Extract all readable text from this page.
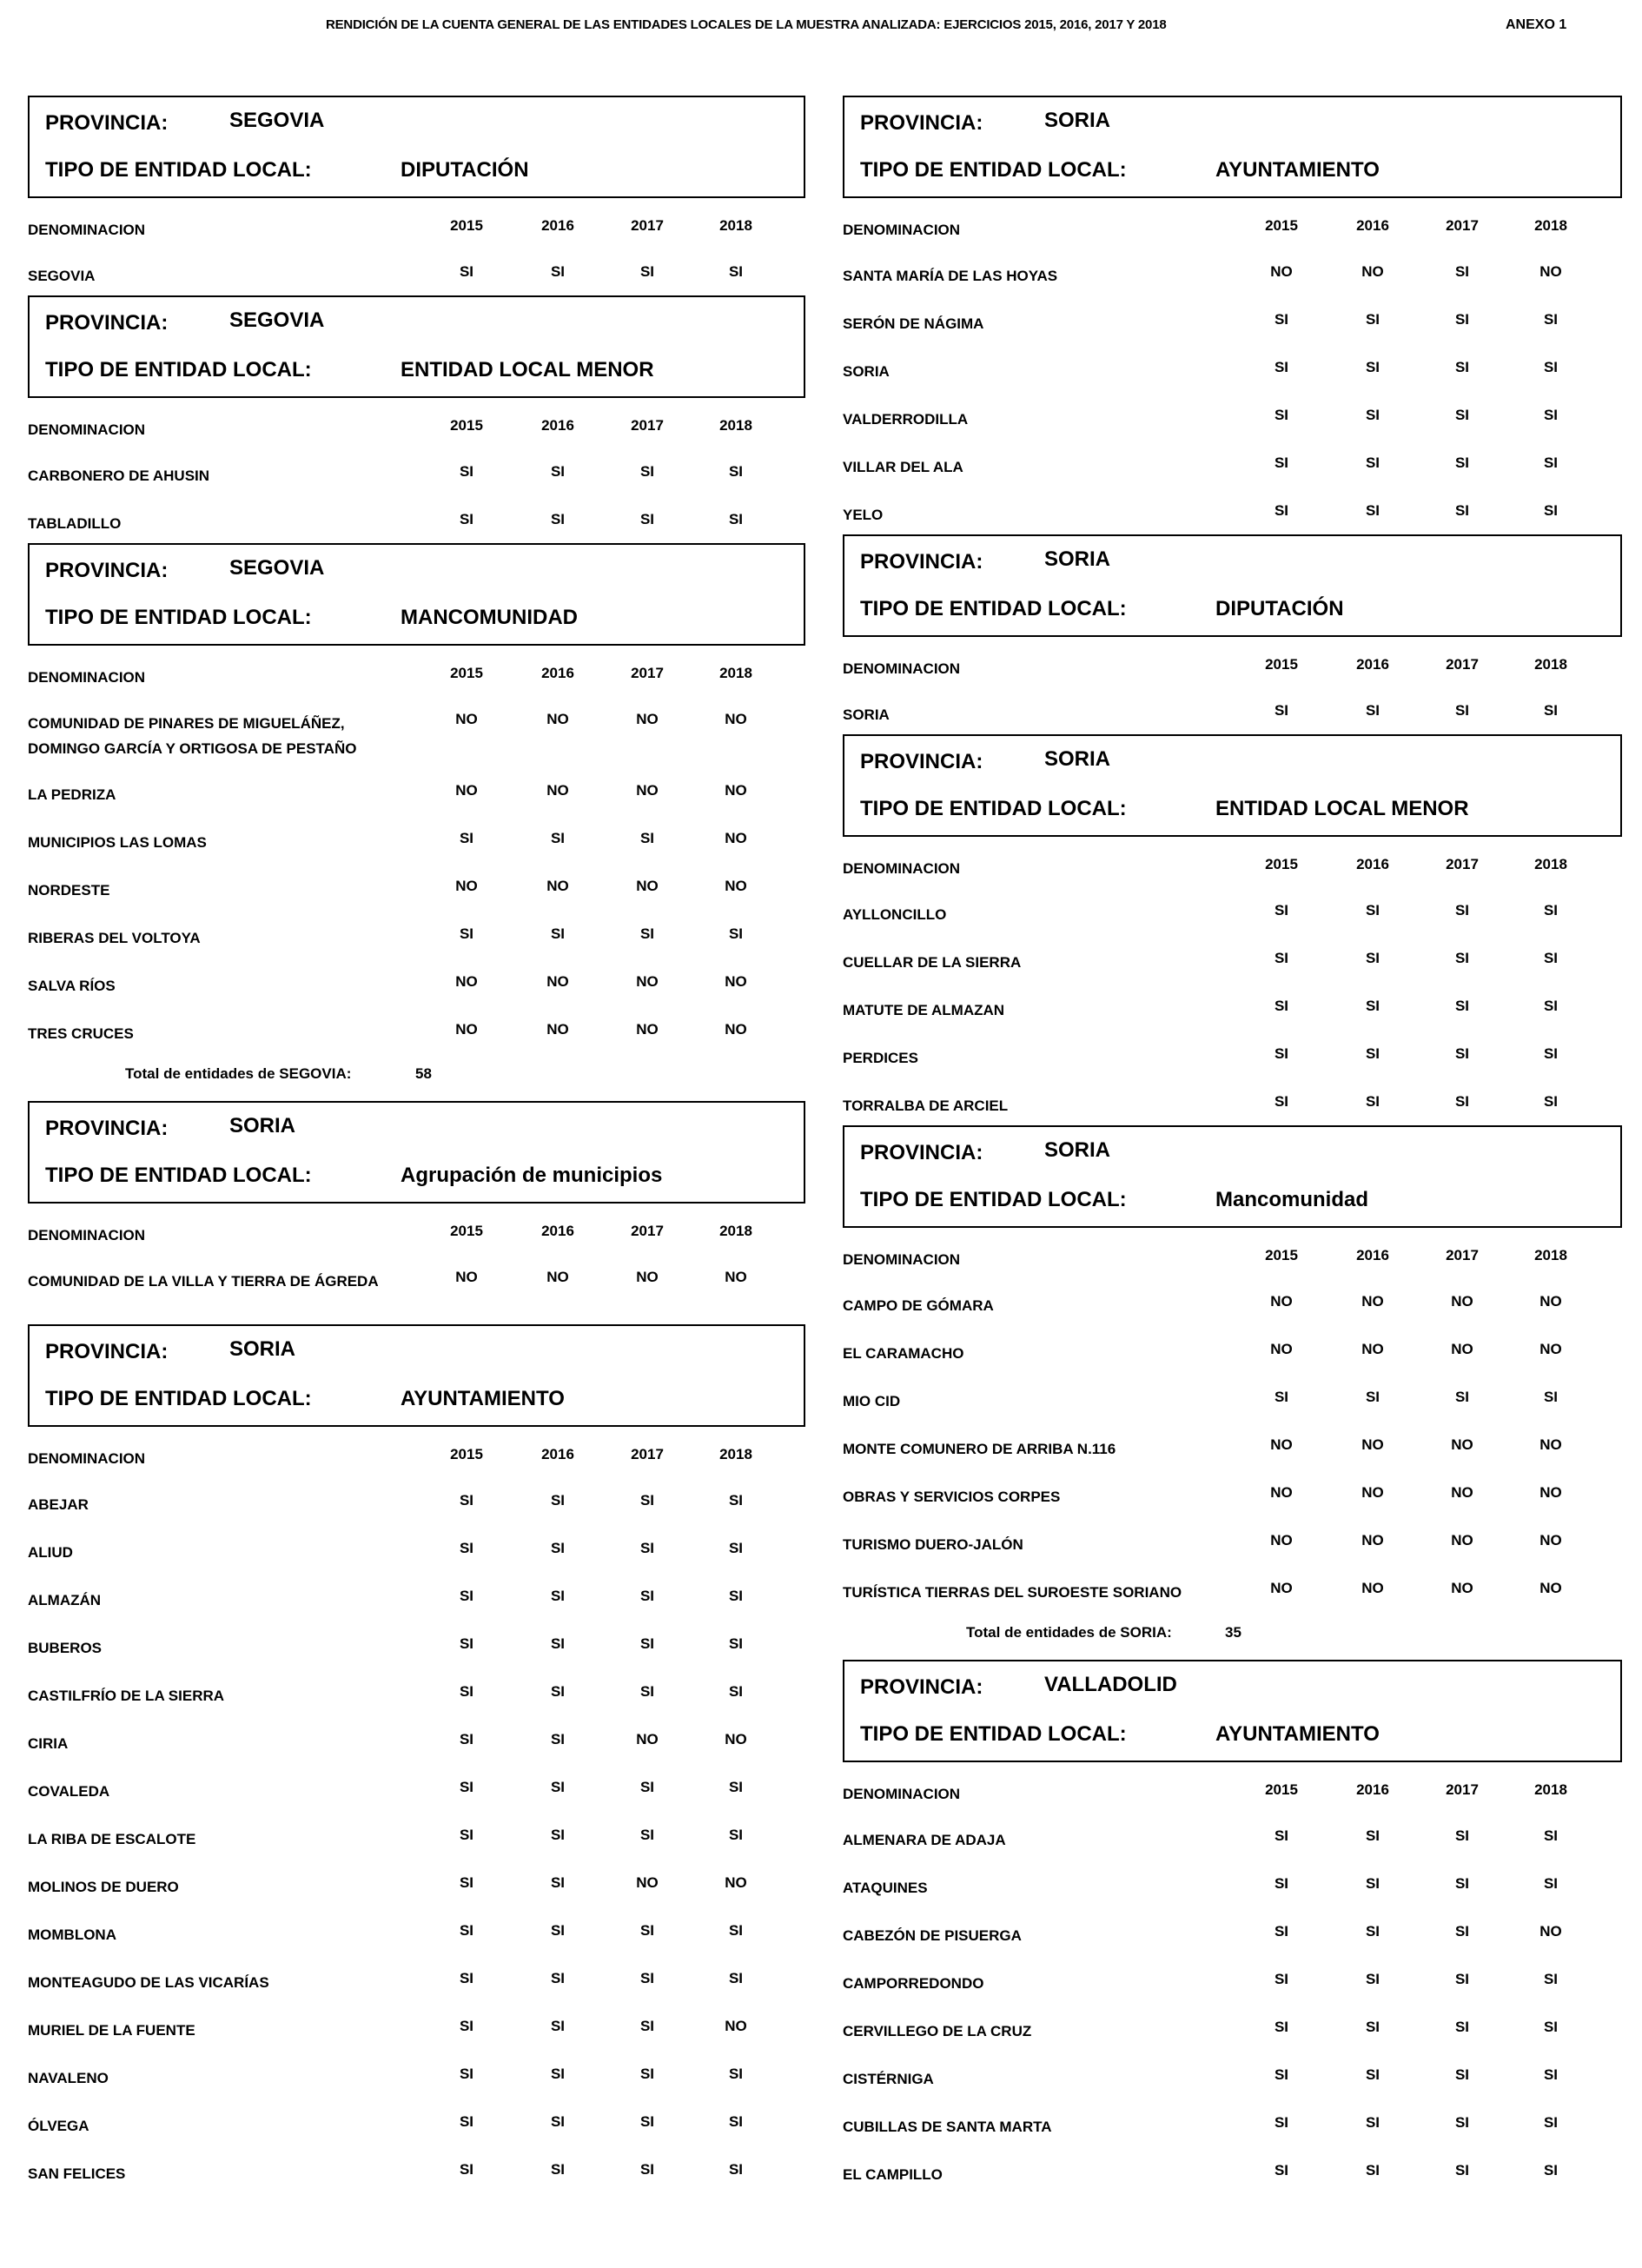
RENDICIÓN DE LA CUENTA GENERAL DE LAS ENTIDADES LOCALES DE LA MUESTRA ANALIZADA: EJERCICIOS 2015, 2016, 2017 Y 2018	ANEXO 1
PROVINCIA:	SEGOVIA
TIPO DE ENTIDAD LOCAL:	DIPUTACIÓN
DENOMINACION	2015	2016	2017	2018
SEGOVIA	SI	SI	SI	SI
PROVINCIA:	SEGOVIA
TIPO DE ENTIDAD LOCAL:	ENTIDAD LOCAL MENOR
DENOMINACION	2015	2016	2017	2018
CARBONERO DE AHUSIN	SI	SI	SI	SI
TABLADILLO	SI	SI	SI	SI
PROVINCIA:	SEGOVIA
TIPO DE ENTIDAD LOCAL:	MANCOMUNIDAD
DENOMINACION	2015	2016	2017	2018
COMUNIDAD DE PINARES DE MIGUELÁÑEZ, DOMINGO GARCÍA Y ORTIGOSA DE PESTAÑO
NO	NO	NO	NO
LA PEDRIZA	NO	NO	NO	NO
MUNICIPIOS LAS LOMAS	SI	SI	SI	NO
NORDESTE	NO	NO	NO	NO
RIBERAS DEL VOLTOYA	SI	SI	SI	SI
SALVA RÍOS	NO	NO	NO	NO
TRES CRUCES	NO	NO	NO	NO
Total de entidades de SEGOVIA:	58
PROVINCIA:	SORIA
TIPO DE ENTIDAD LOCAL:	Agrupación de municipios
DENOMINACION	2015	2016	2017	2018
COMUNIDAD DE LA VILLA Y TIERRA DE ÁGREDA	NO	NO	NO	NO
PROVINCIA:	SORIA
TIPO DE ENTIDAD LOCAL:	AYUNTAMIENTO
DENOMINACION	2015	2016	2017	2018
ABEJAR	SI	SI	SI	SI
ALIUD	SI	SI	SI	SI
ALMAZÁN	SI	SI	SI	SI
BUBEROS	SI	SI	SI	SI
CASTILFRÍO DE LA SIERRA	SI	SI	SI	SI
CIRIA	SI	SI	NO	NO
COVALEDA	SI	SI	SI	SI
LA RIBA DE ESCALOTE	SI	SI	SI	SI
MOLINOS DE DUERO	SI	SI	NO	NO
MOMBLONA	SI	SI	SI	SI
MONTEAGUDO DE LAS VICARÍAS	SI	SI	SI	SI
MURIEL DE LA FUENTE	SI	SI	SI	NO
NAVALENO	SI	SI	SI	SI
ÓLVEGA	SI	SI	SI	SI
SAN FELICES	SI	SI	SI	SI
PROVINCIA:	SORIA
TIPO DE ENTIDAD LOCAL:	AYUNTAMIENTO
DENOMINACION	2015	2016	2017	2018
SANTA MARÍA DE LAS HOYAS	NO	NO	SI	NO
SERÓN DE NÁGIMA	SI	SI	SI	SI
SORIA	SI	SI	SI	SI
VALDERRODILLA	SI	SI	SI	SI
VILLAR DEL ALA	SI	SI	SI	SI
YELO	SI	SI	SI	SI
PROVINCIA:	SORIA
TIPO DE ENTIDAD LOCAL:	DIPUTACIÓN
DENOMINACION	2015	2016	2017	2018
SORIA	SI	SI	SI	SI
PROVINCIA:	SORIA
TIPO DE ENTIDAD LOCAL:	ENTIDAD LOCAL MENOR
DENOMINACION	2015	2016	2017	2018
AYLLONCILLO	SI	SI	SI	SI
CUELLAR DE LA SIERRA	SI	SI	SI	SI
MATUTE DE ALMAZAN	SI	SI	SI	SI
PERDICES	SI	SI	SI	SI
TORRALBA DE ARCIEL	SI	SI	SI	SI
PROVINCIA:	SORIA
TIPO DE ENTIDAD LOCAL:	Mancomunidad
DENOMINACION	2015	2016	2017	2018
CAMPO DE GÓMARA	NO	NO	NO	NO
EL CARAMACHO	NO	NO	NO	NO
MIO CID	SI	SI	SI	SI
MONTE COMUNERO DE ARRIBA N.116	NO	NO	NO	NO
OBRAS Y SERVICIOS CORPES	NO	NO	NO	NO
TURISMO DUERO-JALÓN	NO	NO	NO	NO
TURÍSTICA TIERRAS DEL SUROESTE SORIANO	NO	NO	NO	NO
Total de entidades de SORIA:	35
PROVINCIA:	VALLADOLID
TIPO DE ENTIDAD LOCAL:	AYUNTAMIENTO
DENOMINACION	2015	2016	2017	2018
ALMENARA DE ADAJA	SI	SI	SI	SI
ATAQUINES	SI	SI	SI	SI
CABEZÓN DE PISUERGA	SI	SI	SI	NO
CAMPORREDONDO	SI	SI	SI	SI
CERVILLEGO DE LA CRUZ	SI	SI	SI	SI
CISTÉRNIGA	SI	SI	SI	SI
CUBILLAS DE SANTA MARTA	SI	SI	SI	SI
EL CAMPILLO	SI	SI	SI	SI
